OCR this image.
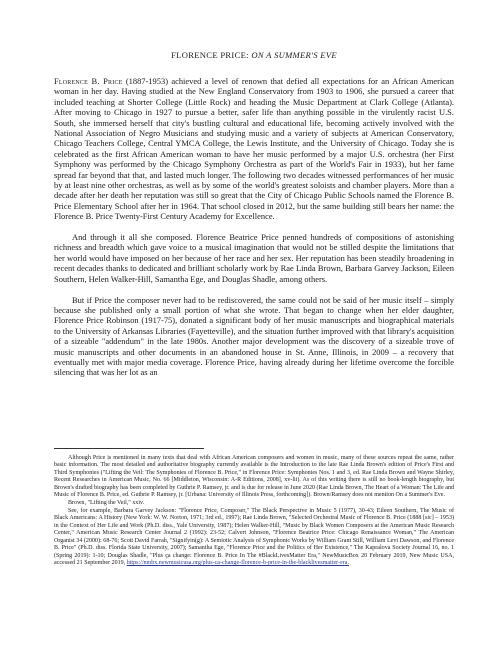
FLORENCE PRICE: ON A SUMMER'S EVE

Florence B. Price (1887-1953) achieved a level of renown that defied all expectations for an African American woman in her day. Having studied at the New England Conservatory from 1903 to 1906, she pursued a career that included teaching at Shorter College (Little Rock) and heading the Music Department at Clark College (Atlanta). After moving to Chicago in 1927 to pursue a better, safer life than anything possible in the virulently racist U.S. South, she immersed herself that city's bustling cultural and educational life, becoming actively involved with the National Association of Negro Musicians and studying music and a variety of subjects at American Conservatory, Chicago Teachers College, Central YMCA College, the Lewis Institute, and the University of Chicago. Today she is celebrated as the first African American woman to have her music performed by a major U.S. orchestra (her First Symphony was performed by the Chicago Symphony Orchestra as part of the World's Fair in 1933), but her fame spread far beyond that that, and lasted much longer. The following two decades witnessed performances of her music by at least nine other orchestras, as well as by some of the world's greatest soloists and chamber players. More than a decade after her death her reputation was still so great that the City of Chicago Public Schools named the Florence B. Price Elementary School after her in 1964. That school closed in 2012, but the same building still bears her name: the Florence B. Price Twenty-First Century Academy for Excellence.

And through it all she composed. Florence Beatrice Price penned hundreds of compositions of astonishing richness and breadth which gave voice to a musical imagination that would not be stilled despite the limitations that her world would have imposed on her because of her race and her sex. Her reputation has been steadily broadening in recent decades thanks to dedicated and brilliant scholarly work by Rae Linda Brown, Barbara Garvey Jackson, Eileen Southern, Helen Walker-Hill, Samantha Ege, and Douglas Shadle, among others.

But if Price the composer never had to be rediscovered, the same could not be said of her music itself – simply because she published only a small portion of what she wrote. That began to change when her elder daughter, Florence Price Robinson (1917-75), donated a significant body of her music manuscripts and biographical materials to the University of Arkansas Libraries (Fayetteville), and the situation further improved with that library's acquisition of a sizeable "addendum" in the late 1980s. Another major development was the discovery of a sizeable trove of music manuscripts and other documents in an abandoned house in St. Anne, Illinois, in 2009 – a recovery that eventually met with major media coverage. Florence Price, having already during her lifetime overcome the forcible silencing that was her lot as an

Although Price is mentioned in many texts that deal with African American composers and women in music, many of these sources repeat the same, rather basic information. The most detailed and authoritative biography currently available is the Introduction to the late Rae Linda Brown's edition of Price's First and Third Symphonies ("Lifting the Veil: The Symphonies of Florence B. Price," in Florence Price: Symphonies Nos. 1 and 3, ed. Rae Linda Brown and Wayne Shirley, Recent Researches in American Music, No. 66 [Middleton, Wisconsin: A-R Editions, 2008], xv-lii). As of this writing there is still no book-length biography, but Brown's drafted biography has been completed by Guthrie P. Ramsey, jr. and is due for release in June 2020 (Rae Linda Brown, The Heart of a Woman: The Life and Music of Florence B. Price, ed. Guthrie P. Ramsey, jr. [Urbana: University of Illinois Press, forthcoming]). Brown/Ramsey does not mention On a Summer's Eve.

Brown, "Lifting the Veil," xxiv.

See, for example, Barbara Garvey Jackson: "Florence Price, Composer," The Black Perspective in Music 5 (1977), 30-43; Eileen Southern, The Music of Black Americans: A History (New York: W. W. Norton, 1971; 3rd ed., 1997); Rae Linda Brown, "Selected Orchestral Music of Florence B. Price (1888 [sic] – 1953) in the Context of Her Life and Work (Ph.D. diss., Yale University, 1987); Helen Walker-Hill, "Music by Black Women Composers at the American Music Research Center," American Music Research Center Journal 2 (1992): 23-52; Calvert Johnson, "Florence Beatrice Price: Chicago Renaissance Woman," The American Organist 34 (2000): 68-76; Scott David Farrah, "Signifyin(g): A Semiotic Analysis of Symphonic Works by William Grant Still, William Levi Dawson, and Florence B. Price" (Ph.D. diss. Florida State University, 2007); Samantha Ege, "Florence Price and the Politics of Her Existence," The Kapralova Society Journal 16, no. 1 (Spring 2019): 1-10; Douglas Shadle, "Plus ça change: Florence B. Price In The #BlackLivesMatter Era," NewMusicBox 20 February 2019, New Music USA, accessed 21 September 2019, https://nmbx.newmusicusa.org/plus-ca-change-florence-b-price-in-the-blacklivesmatter-era.
